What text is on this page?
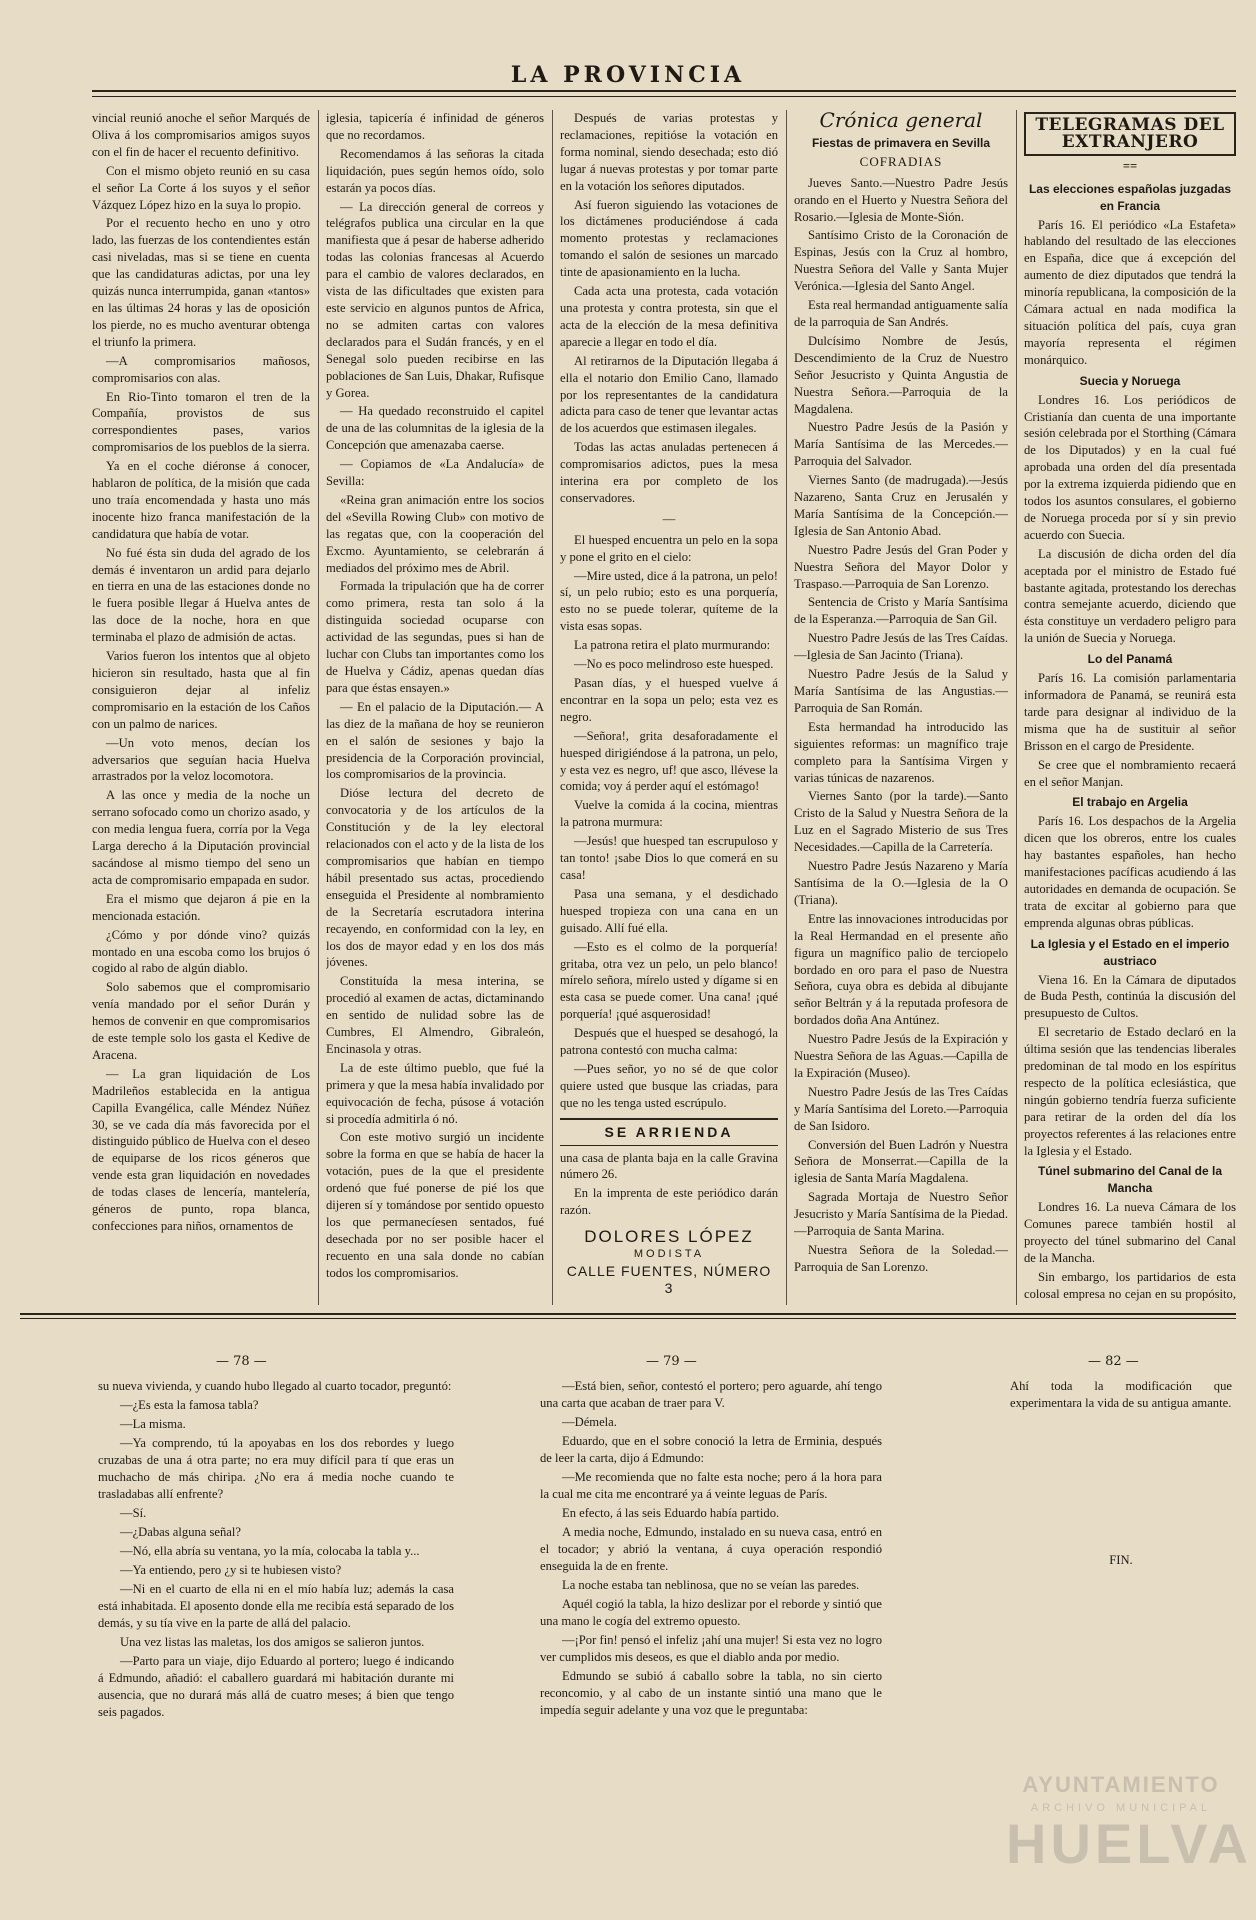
LA PROVINCIA

vincial reunió anoche el señor Marqués de Oliva á los compromisarios amigos suyos con el fin de hacer el recuento definitivo.

Con el mismo objeto reunió en su casa el señor La Corte á los suyos y el señor Vázquez López hizo en la suya lo propio.

Por el recuento hecho en uno y otro lado, las fuerzas de los contendientes están casi niveladas, mas si se tiene en cuenta que las candidaturas adictas, por una ley quizás nunca interrumpida, ganan «tantos» en las últimas 24 horas y las de oposición los pierde, no es mucho aventurar obtenga el triunfo la primera.

—A compromisarios mañosos, compromisarios con alas.

En Rio-Tinto tomaron el tren de la Compañía, provistos de sus correspondientes pases, varios compromisarios de los pueblos de la sierra.

Ya en el coche diéronse á conocer, hablaron de política, de la misión que cada uno traía encomendada y hasta uno más inocente hizo franca manifestación de la candidatura que había de votar.

No fué ésta sin duda del agrado de los demás é inventaron un ardid para dejarlo en tierra en una de las estaciones donde no le fuera posible llegar á Huelva antes de las doce de la noche, hora en que terminaba el plazo de admisión de actas.

Varios fueron los intentos que al objeto hicieron sin resultado, hasta que al fin consiguieron dejar al infeliz compromisario en la estación de los Caños con un palmo de narices.

—Un voto menos, decían los adversarios que seguían hacia Huelva arrastrados por la veloz locomotora.

A las once y media de la noche un serrano sofocado como un chorizo asado, y con media lengua fuera, corría por la Vega Larga derecho á la Diputación provincial sacándose al mismo tiempo del seno un acta de compromisario empapada en sudor.

Era el mismo que dejaron á pie en la mencionada estación.

¿Cómo y por dónde vino? quizás montado en una escoba como los brujos ó cogido al rabo de algún diablo.

Solo sabemos que el compromisario venía mandado por el señor Durán y hemos de convenir en que compromisarios de este temple solo los gasta el Kedive de Aracena.

— La gran liquidación de Los Madrileños establecida en la antigua Capilla Evangélica, calle Méndez Núñez 30, se ve cada día más favorecida por el distinguido público de Huelva con el deseo de equiparse de los ricos géneros que vende esta gran liquidación en novedades de todas clases de lencería, mantelería, géneros de punto, ropa blanca, confecciones para niños, ornamentos de

iglesia, tapicería é infinidad de géneros que no recordamos.

Recomendamos á las señoras la citada liquidación, pues según hemos oído, solo estarán ya pocos días.

— La dirección general de correos y telégrafos publica una circular en la que manifiesta que á pesar de haberse adherido todas las colonias francesas al Acuerdo para el cambio de valores declarados, en vista de las dificultades que existen para este servicio en algunos puntos de Africa, no se admiten cartas con valores declarados para el Sudán francés, y en el Senegal solo pueden recibirse en las poblaciones de San Luis, Dhakar, Rufisque y Gorea.

— Ha quedado reconstruido el capitel de una de las columnitas de la iglesia de la Concepción que amenazaba caerse.

— Copiamos de «La Andalucía» de Sevilla:

«Reina gran animación entre los socios del «Sevilla Rowing Club» con motivo de las regatas que, con la cooperación del Excmo. Ayuntamiento, se celebrarán á mediados del próximo mes de Abril.

Formada la tripulación que ha de correr como primera, resta tan solo á la distinguida sociedad ocuparse con actividad de las segundas, pues si han de luchar con Clubs tan importantes como los de Huelva y Cádiz, apenas quedan días para que éstas ensayen.»

— En el palacio de la Diputación.— A las diez de la mañana de hoy se reunieron en el salón de sesiones y bajo la presidencia de la Corporación provincial, los compromisarios de la provincia.

Dióse lectura del decreto de convocatoria y de los artículos de la Constitución y de la ley electoral relacionados con el acto y de la lista de los compromisarios que habían en tiempo hábil presentado sus actas, procediendo enseguida el Presidente al nombramiento de la Secretaría escrutadora interina recayendo, en conformidad con la ley, en los dos de mayor edad y en los dos más jóvenes.

Constituída la mesa interina, se procedió al examen de actas, dictaminando en sentido de nulidad sobre las de Cumbres, El Almendro, Gibraleón, Encinasola y otras.

La de este último pueblo, que fué la primera y que la mesa había invalidado por equivocación de fecha, púsose á votación si procedía admitirla ó nó.

Con este motivo surgió un incidente sobre la forma en que se había de hacer la votación, pues de la que el presidente ordenó que fué ponerse de pié los que dijeren sí y tomándose por sentido opuesto los que permanecíesen sentados, fué desechada por no ser posible hacer el recuento en una sala donde no cabían todos los compromisarios.

Después de varias protestas y reclamaciones, repitióse la votación en forma nominal, siendo desechada; esto dió lugar á nuevas protestas y por tomar parte en la votación los señores diputados.

Así fueron siguiendo las votaciones de los dictámenes produciéndose á cada momento protestas y reclamaciones tomando el salón de sesiones un marcado tinte de apasionamiento en la lucha.

Cada acta una protesta, cada votación una protesta y contra protesta, sin que el acta de la elección de la mesa definitiva aparecie a llegar en todo el día.

Al retirarnos de la Diputación llegaba á ella el notario don Emilio Cano, llamado por los representantes de la candidatura adicta para caso de tener que levantar actas de los acuerdos que estimasen ilegales.

Todas las actas anuladas pertenecen á compromisarios adictos, pues la mesa interina era por completo de los conservadores.

—

El huesped encuentra un pelo en la sopa y pone el grito en el cielo:

—Mire usted, dice á la patrona, un pelo! sí, un pelo rubio; esto es una porquería, esto no se puede tolerar, quíteme de la vista esas sopas.

La patrona retira el plato murmurando:

—No es poco melindroso este huesped.

Pasan días, y el huesped vuelve á encontrar en la sopa un pelo; esta vez es negro.

—Señora!, grita desaforadamente el huesped dirigiéndose á la patrona, un pelo, y esta vez es negro, uf! que asco, llévese la comida; voy á perder aquí el estómago!

Vuelve la comida á la cocina, mientras la patrona murmura:

—Jesús! que huesped tan escrupuloso y tan tonto! ¡sabe Dios lo que comerá en su casa!

Pasa una semana, y el desdichado huesped tropieza con una cana en un guisado. Allí fué ella.

—Esto es el colmo de la porquería! gritaba, otra vez un pelo, un pelo blanco! mírelo señora, mírelo usted y dígame si en esta casa se puede comer. Una cana! ¡qué porquería! ¡qué asquerosidad!

Después que el huesped se desahogó, la patrona contestó con mucha calma:

—Pues señor, yo no sé de que color quiere usted que busque las criadas, para que no les tenga usted escrúpulo.

SE ARRIENDA

una casa de planta baja en la calle Gravina número 26.

En la imprenta de este periódico darán razón.

DOLORES LÓPEZ
MODISTA
CALLE FUENTES, NÚMERO 3
Crónica general
Fiestas de primavera en Sevilla
COFRADIAS

Jueves Santo.—Nuestro Padre Jesús orando en el Huerto y Nuestra Señora del Rosario.—Iglesia de Monte-Sión.

Santísimo Cristo de la Coronación de Espinas, Jesús con la Cruz al hombro, Nuestra Señora del Valle y Santa Mujer Verónica.—Iglesia del Santo Angel.

Esta real hermandad antiguamente salía de la parroquia de San Andrés.

Dulcísimo Nombre de Jesús, Descendimiento de la Cruz de Nuestro Señor Jesucristo y Quinta Angustia de Nuestra Señora.—Parroquia de la Magdalena.

Nuestro Padre Jesús de la Pasión y María Santísima de las Mercedes.—Parroquia del Salvador.

Viernes Santo (de madrugada).—Jesús Nazareno, Santa Cruz en Jerusalén y María Santísima de la Concepción.—Iglesia de San Antonio Abad.

Nuestro Padre Jesús del Gran Poder y Nuestra Señora del Mayor Dolor y Traspaso.—Parroquia de San Lorenzo.

Sentencia de Cristo y María Santísima de la Esperanza.—Parroquia de San Gil.

Nuestro Padre Jesús de las Tres Caídas.—Iglesia de San Jacinto (Triana).

Nuestro Padre Jesús de la Salud y María Santísima de las Angustias.—Parroquia de San Román.

Esta hermandad ha introducido las siguientes reformas: un magnífico traje completo para la Santísima Virgen y varias túnicas de nazarenos.

Viernes Santo (por la tarde).—Santo Cristo de la Salud y Nuestra Señora de la Luz en el Sagrado Misterio de sus Tres Necesidades.—Capilla de la Carretería.

Nuestro Padre Jesús Nazareno y María Santísima de la O.—Iglesia de la O (Triana).

Entre las innovaciones introducidas por la Real Hermandad en el presente año figura un magnífico palio de terciopelo bordado en oro para el paso de Nuestra Señora, cuya obra es debida al dibujante señor Beltrán y á la reputada profesora de bordados doña Ana Antúnez.

Nuestro Padre Jesús de la Expiración y Nuestra Señora de las Aguas.—Capilla de la Expiración (Museo).

Nuestro Padre Jesús de las Tres Caídas y María Santísima del Loreto.—Parroquia de San Isidoro.

Conversión del Buen Ladrón y Nuestra Señora de Monserrat.—Capilla de la iglesia de Santa María Magdalena.

Sagrada Mortaja de Nuestro Señor Jesucristo y María Santísima de la Piedad.—Parroquia de Santa Marina.

Nuestra Señora de la Soledad.—Parroquia de San Lorenzo.

TELEGRAMAS DEL EXTRANJERO
==
Las elecciones españolas juzgadas en Francia

París 16. El periódico «La Estafeta» hablando del resultado de las elecciones en España, dice que á excepción del aumento de diez diputados que tendrá la minoría republicana, la composición de la Cámara actual en nada modifica la situación política del país, cuya gran mayoría representa el régimen monárquico.

Suecia y Noruega

Londres 16. Los periódicos de Cristianía dan cuenta de una importante sesión celebrada por el Storthing (Cámara de los Diputados) y en la cual fué aprobada una orden del día presentada por la extrema izquierda pidiendo que en todos los asuntos consulares, el gobierno de Noruega proceda por sí y sin previo acuerdo con Suecia.

La discusión de dicha orden del día aceptada por el ministro de Estado fué bastante agitada, protestando los derechas contra semejante acuerdo, diciendo que ésta constituye un verdadero peligro para la unión de Suecia y Noruega.

Lo del Panamá

París 16. La comisión parlamentaria informadora de Panamá, se reunirá esta tarde para designar al individuo de la misma que ha de sustituir al señor Brisson en el cargo de Presidente.

Se cree que el nombramiento recaerá en el señor Manjan.

El trabajo en Argelia

París 16. Los despachos de la Argelia dicen que los obreros, entre los cuales hay bastantes españoles, han hecho manifestaciones pacíficas acudiendo á las autoridades en demanda de ocupación. Se trata de excitar al gobierno para que emprenda algunas obras públicas.

La Iglesia y el Estado en el imperio austriaco

Viena 16. En la Cámara de diputados de Buda Pesth, continúa la discusión del presupuesto de Cultos.

El secretario de Estado declaró en la última sesión que las tendencias liberales predominan de tal modo en los espíritus respecto de la política eclesiástica, que ningún gobierno tendría fuerza suficiente para retirar de la orden del día los proyectos referentes á las relaciones entre la Iglesia y el Estado.

Túnel submarino del Canal de la Mancha

Londres 16. La nueva Cámara de los Comunes parece también hostil al proyecto del túnel submarino del Canal de la Mancha.

Sin embargo, los partidarios de esta colosal empresa no cejan en su propósito,

— 78 —	— 79 —	— 82 —

su nueva vivienda, y cuando hubo llegado al cuarto tocador, preguntó:

—¿Es esta la famosa tabla?

—La misma.

—Ya comprendo, tú la apoyabas en los dos rebordes y luego cruzabas de una á otra parte; no era muy difícil para tí que eras un muchacho de más chiripa. ¿No era á media noche cuando te trasladabas allí enfrente?

—Sí.

—¿Dabas alguna señal?

—Nó, ella abría su ventana, yo la mía, colocaba la tabla y...

—Ya entiendo, pero ¿y si te hubiesen visto?

—Ni en el cuarto de ella ni en el mío había luz; además la casa está inhabitada. El aposento donde ella me recibía está separado de los demás, y su tía vive en la parte de allá del palacio.

Una vez listas las maletas, los dos amigos se salieron juntos.

—Parto para un viaje, dijo Eduardo al portero; luego é indicando á Edmundo, añadió: el caballero guardará mi habitación durante mi ausencia, que no durará más allá de cuatro meses; á bien que tengo seis pagados.

—Está bien, señor, contestó el portero; pero aguarde, ahí tengo una carta que acaban de traer para V.

—Démela.

Eduardo, que en el sobre conoció la letra de Erminia, después de leer la carta, dijo á Edmundo:

—Me recomienda que no falte esta noche; pero á la hora para la cual me cita me encontraré ya á veinte leguas de París.

En efecto, á las seis Eduardo había partido.

A media noche, Edmundo, instalado en su nueva casa, entró en el tocador; y abrió la ventana, á cuya operación respondió enseguida la de en frente.

La noche estaba tan neblinosa, que no se veían las paredes.

Aquél cogió la tabla, la hizo deslizar por el reborde y sintió que una mano le cogía del extremo opuesto.

—¡Por fin! pensó el infeliz ¡ahí una mujer! Si esta vez no logro ver cumplidos mis deseos, es que el diablo anda por medio.

Edmundo se subió á caballo sobre la tabla, no sin cierto reconcomio, y al cabo de un instante sintió una mano que le impedía seguir adelante y una voz que le preguntaba:

Ahí toda la modificación que experimentara la vida de su antigua amante.

FIN.

AYUNTAMIENTO
ARCHIVO MUNICIPAL
HUELVA
